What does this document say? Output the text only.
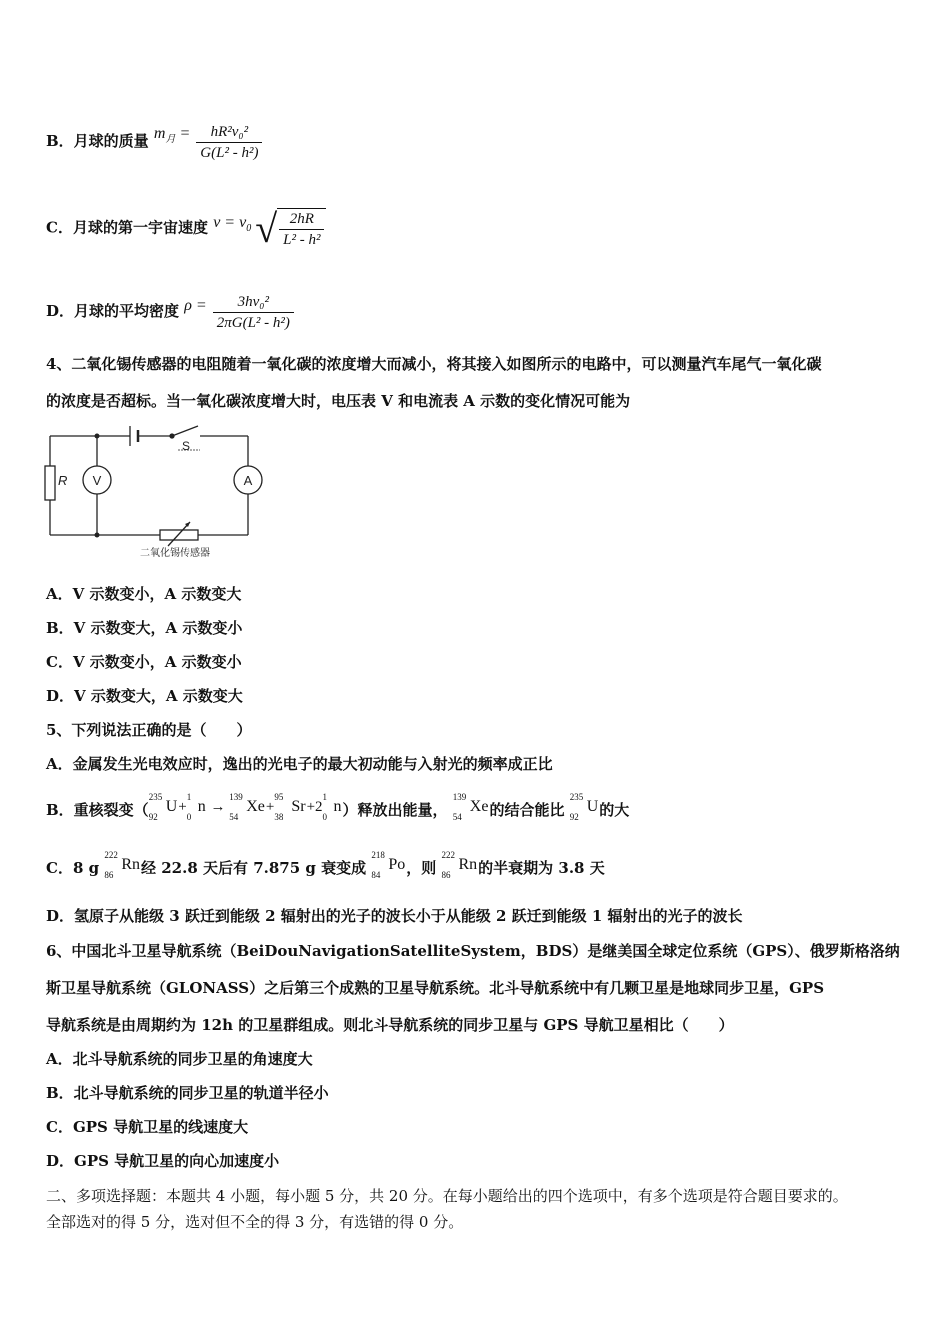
B．月球的质量 $m_月 = \frac{\text{hR²v₀²}}{\text{G(L² - h²)}}$
C．月球的第一宇宙速度 $v = v_0$ √ $\frac{2hR}{\text{L² - h²}}$
D．月球的平均密度 $\rho = \frac{\text{3hv₀²}}{\text{2πG(L² - h²)}}$
4、二氧化锡传感器的电阻随着一氧化碳的浓度增大而减小，将其接入如图所示的电路中，可以测量汽车尾气一氧化碳
的浓度是否超标。当一氧化碳浓度增大时，电压表 V 和电流表 A 示数的变化情况可能为
R V	A
S
二氧化锡传感器
A．V 示数变小，A 示数变大
B．V 示数变大，A 示数变小
C．V 示数变小，A 示数变小
D．V 示数变大，A 示数变大
5、下列说法正确的是（　　）
A．金属发生光电效应时，逸出的光电子的最大初动能与入射光的频率成正比
B．重核裂变（
235
92
U+
1
0
n →
139
54
Xe+
95
38
Sr+2
1
0
n）释放出能量，
139
54
Xe的结合能比
235
92
U的大
C．8 g
222
86
Rn经 22.8 天后有 7.875 g 衰变成
218
84
Po，则
222
86
Rn的半衰期为 3.8 天
D．氢原子从能级 3 跃迁到能级 2 辐射出的光子的波长小于从能级 2 跃迁到能级 1 辐射出的光子的波长
6、中国北斗卫星导航系统（BeiDouNavigationSatelliteSystem，BDS）是继美国全球定位系统（GPS）、俄罗斯格洛纳
斯卫星导航系统（GLONASS）之后第三个成熟的卫星导航系统。北斗导航系统中有几颗卫星是地球同步卫星，GPS
导航系统是由周期约为 12h 的卫星群组成。则北斗导航系统的同步卫星与 GPS 导航卫星相比（　　）
A．北斗导航系统的同步卫星的角速度大
B．北斗导航系统的同步卫星的轨道半径小
C．GPS 导航卫星的线速度大
D．GPS 导航卫星的向心加速度小
二、多项选择题：本题共 4 小题，每小题 5 分，共 20 分。在每小题给出的四个选项中，有多个选项是符合题目要求的。
全部选对的得 5 分，选对但不全的得 3 分，有选错的得 0 分。
